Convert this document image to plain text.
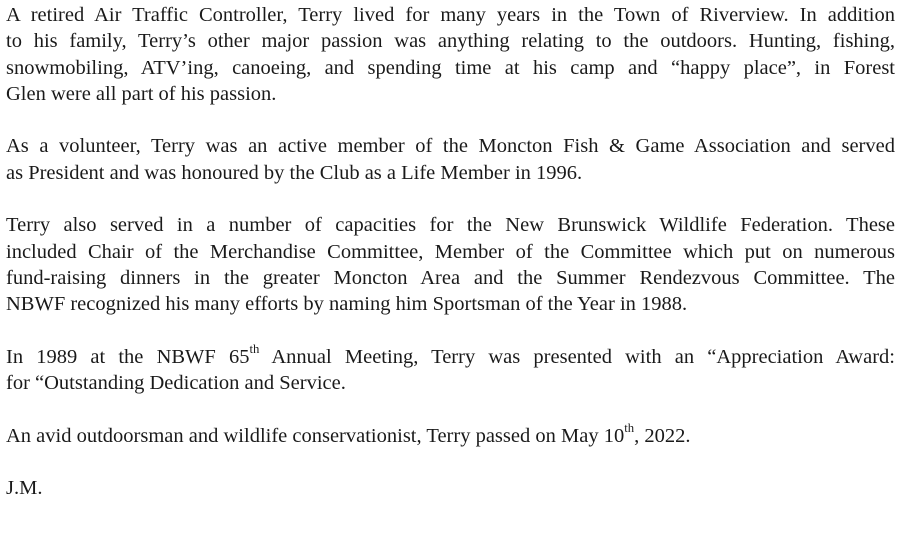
A retired Air Traffic Controller, Terry lived for many years in the Town of Riverview. In addition
to his family, Terry’s other major passion was anything relating to the outdoors. Hunting, fishing,
snowmobiling, ATV’ing, canoeing, and spending time at his camp and “happy place”, in Forest
Glen were all part of his passion.

As a volunteer, Terry was an active member of the Moncton Fish & Game Association and served
as President and was honoured by the Club as a Life Member in 1996.

Terry also served in a number of capacities for the New Brunswick Wildlife Federation. These
included Chair of the Merchandise Committee, Member of the Committee which put on numerous
fund-raising dinners in the greater Moncton Area and the Summer Rendezvous Committee. The
NBWF recognized his many efforts by naming him Sportsman of the Year in 1988.

In 1989 at the NBWF 65th Annual Meeting, Terry was presented with an “Appreciation Award:
for “Outstanding Dedication and Service.

An avid outdoorsman and wildlife conservationist, Terry passed on May 10th, 2022.

J.M.
